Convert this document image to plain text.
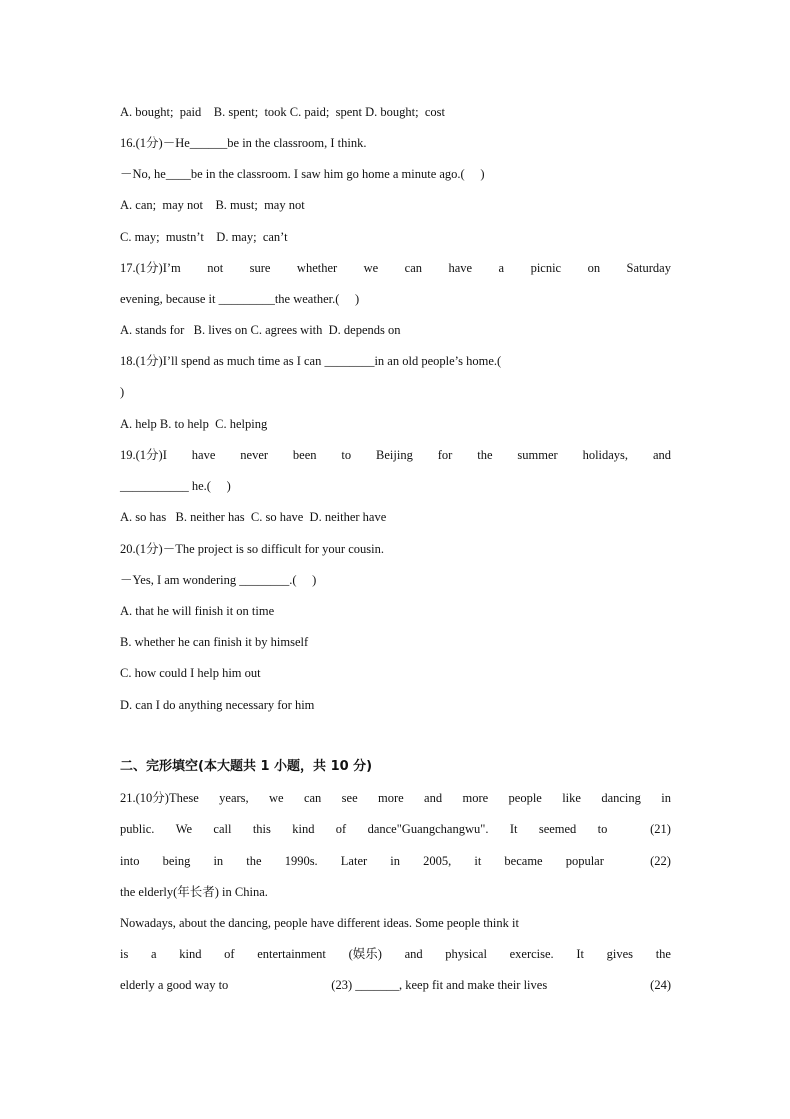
A. bought;  paid    B. spent;  took C. paid;  spent D. bought;  cost
16.(1分)－He______be in the classroom, I think.
－No, he____be in the classroom. I saw him go home a minute ago.(     )
A. can;  may not    B. must;  may not
C. may;  mustn’t    D. may;  can’t
17.(1分)I’m not sure whether we can have a picnic on Saturday
evening, because it _________the weather.(     )
A. stands for   B. lives on C. agrees with  D. depends on
18.(1分)I’ll spend as much time as I can ________in an old people’s home.(
)
A. help B. to help  C. helping
19.(1分)I have never been to Beijing for the summer holidays, and
___________ he.(     )
A. so has   B. neither has  C. so have  D. neither have
20.(1分)－The project is so difficult for your cousin.
－Yes, I am wondering ________.(     )
A. that he will finish it on time
B. whether he can finish it by himself
C. how could I help him out
D. can I do anything necessary for him
二、完形填空(本大题共 1 小题，共 10 分)
21.(10分)These years, we can see more and more people like dancing in
public. We call this kind of dance"Guangchangwu". It seemed to	(21)
into being in the 1990s. Later in 2005, it became popular	(22)
the elderly(年长者) in China.
Nowadays, about the dancing, people have different ideas. Some people think it
is a kind of entertainment (娱乐) and physical exercise. It gives the
elderly a good way to	(23) _______, keep fit and make their lives	(24)
